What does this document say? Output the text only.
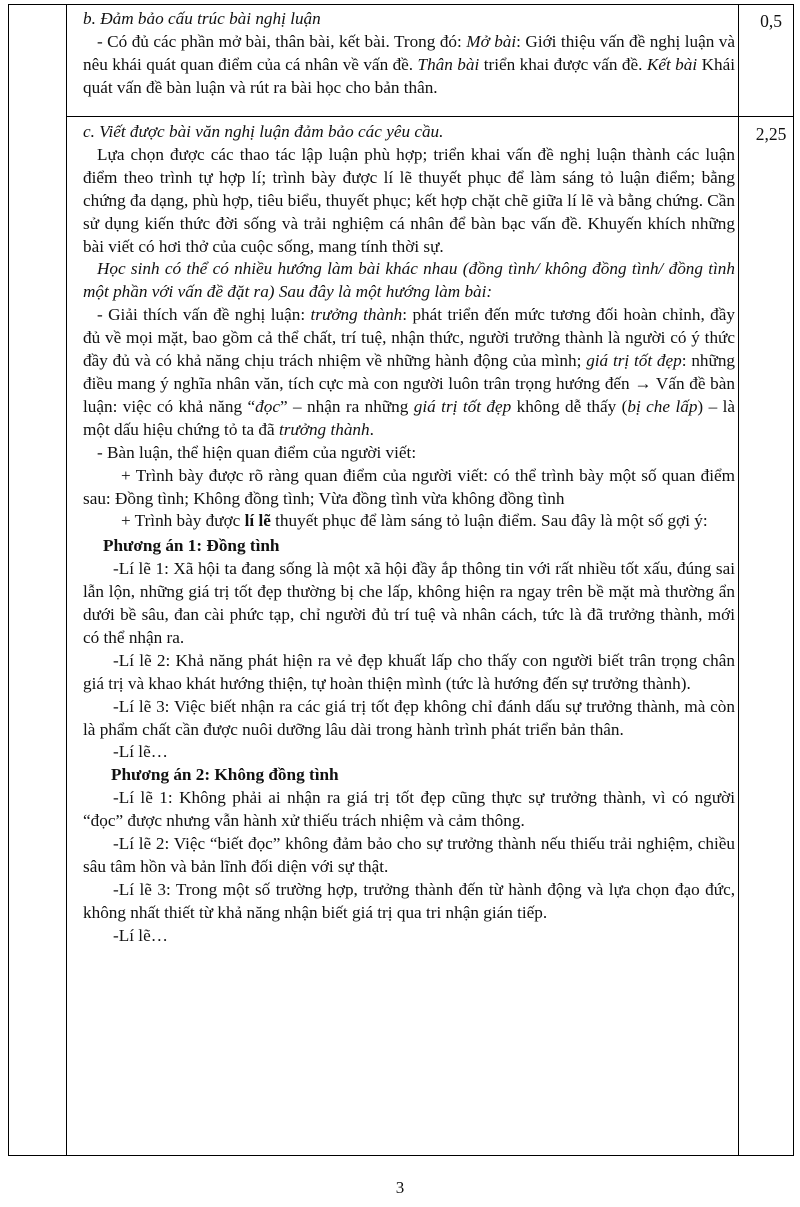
b. Đảm bảo cấu trúc bài nghị luận

- Có đủ các phần mở bài, thân bài, kết bài. Trong đó: Mở bài: Giới thiệu vấn đề nghị luận và nêu khái quát quan điểm của cá nhân về vấn đề. Thân bài triển khai được vấn đề. Kết bài Khái quát vấn đề bàn luận và rút ra bài học cho bản thân.

0,5

c. Viết được bài văn nghị luận đảm bảo các yêu cầu.

Lựa chọn được các thao tác lập luận phù hợp; triển khai vấn đề nghị luận thành các luận điểm theo trình tự hợp lí; trình bày được lí lẽ thuyết phục để làm sáng tỏ luận điểm; bằng chứng đa dạng, phù hợp, tiêu biểu, thuyết phục; kết hợp chặt chẽ giữa lí lẽ và bằng chứng. Cần sử dụng kiến thức đời sống và trải nghiệm cá nhân để bàn bạc vấn đề. Khuyến khích những bài viết có hơi thở của cuộc sống, mang tính thời sự.

Học sinh có thể có nhiều hướng làm bài khác nhau (đồng tình/ không đồng tình/ đồng tình một phần với vấn đề đặt ra) Sau đây là một hướng làm bài:

- Giải thích vấn đề nghị luận: trưởng thành: phát triển đến mức tương đối hoàn chỉnh, đầy đủ về mọi mặt, bao gồm cả thể chất, trí tuệ, nhận thức, người trưởng thành là người có ý thức đầy đủ và có khả năng chịu trách nhiệm về những hành động của mình; giá trị tốt đẹp: những điều mang ý nghĩa nhân văn, tích cực mà con người luôn trân trọng hướng đến → Vấn đề bàn luận: việc có khả năng “đọc” – nhận ra những giá trị tốt đẹp không dễ thấy (bị che lấp) – là một dấu hiệu chứng tỏ ta đã trưởng thành.

- Bàn luận, thể hiện quan điểm của người viết:

+ Trình bày được rõ ràng quan điểm của người viết: có thể trình bày một số quan điểm sau: Đồng tình; Không đồng tình; Vừa đồng tình vừa không đồng tình

+ Trình bày được lí lẽ thuyết phục để làm sáng tỏ luận điểm. Sau đây là một số gợi ý:

Phương án 1: Đồng tình

-Lí lẽ 1: Xã hội ta đang sống là một xã hội đầy ắp thông tin với rất nhiều tốt xấu, đúng sai lẫn lộn, những giá trị tốt đẹp thường bị che lấp, không hiện ra ngay trên bề mặt mà thường ẩn dưới bề sâu, đan cài phức tạp, chỉ người đủ trí tuệ và nhân cách, tức là đã trưởng thành, mới có thể nhận ra.

-Lí lẽ 2: Khả năng phát hiện ra vẻ đẹp khuất lấp cho thấy con người biết trân trọng chân giá trị và khao khát hướng thiện, tự hoàn thiện mình (tức là hướng đến sự trưởng thành).

-Lí lẽ 3: Việc biết nhận ra các giá trị tốt đẹp không chỉ đánh dấu sự trưởng thành, mà còn là phẩm chất cần được nuôi dưỡng lâu dài trong hành trình phát triển bản thân.

-Lí lẽ…

Phương án 2: Không đồng tình

-Lí lẽ 1: Không phải ai nhận ra giá trị tốt đẹp cũng thực sự trưởng thành, vì có người “đọc” được nhưng vẫn hành xử thiếu trách nhiệm và cảm thông.

-Lí lẽ 2: Việc “biết đọc” không đảm bảo cho sự trưởng thành nếu thiếu trải nghiệm, chiều sâu tâm hồn và bản lĩnh đối diện với sự thật.

-Lí lẽ 3: Trong một số trường hợp, trưởng thành đến từ hành động và lựa chọn đạo đức, không nhất thiết từ khả năng nhận biết giá trị qua tri nhận gián tiếp.

-Lí lẽ…

2,25
3
